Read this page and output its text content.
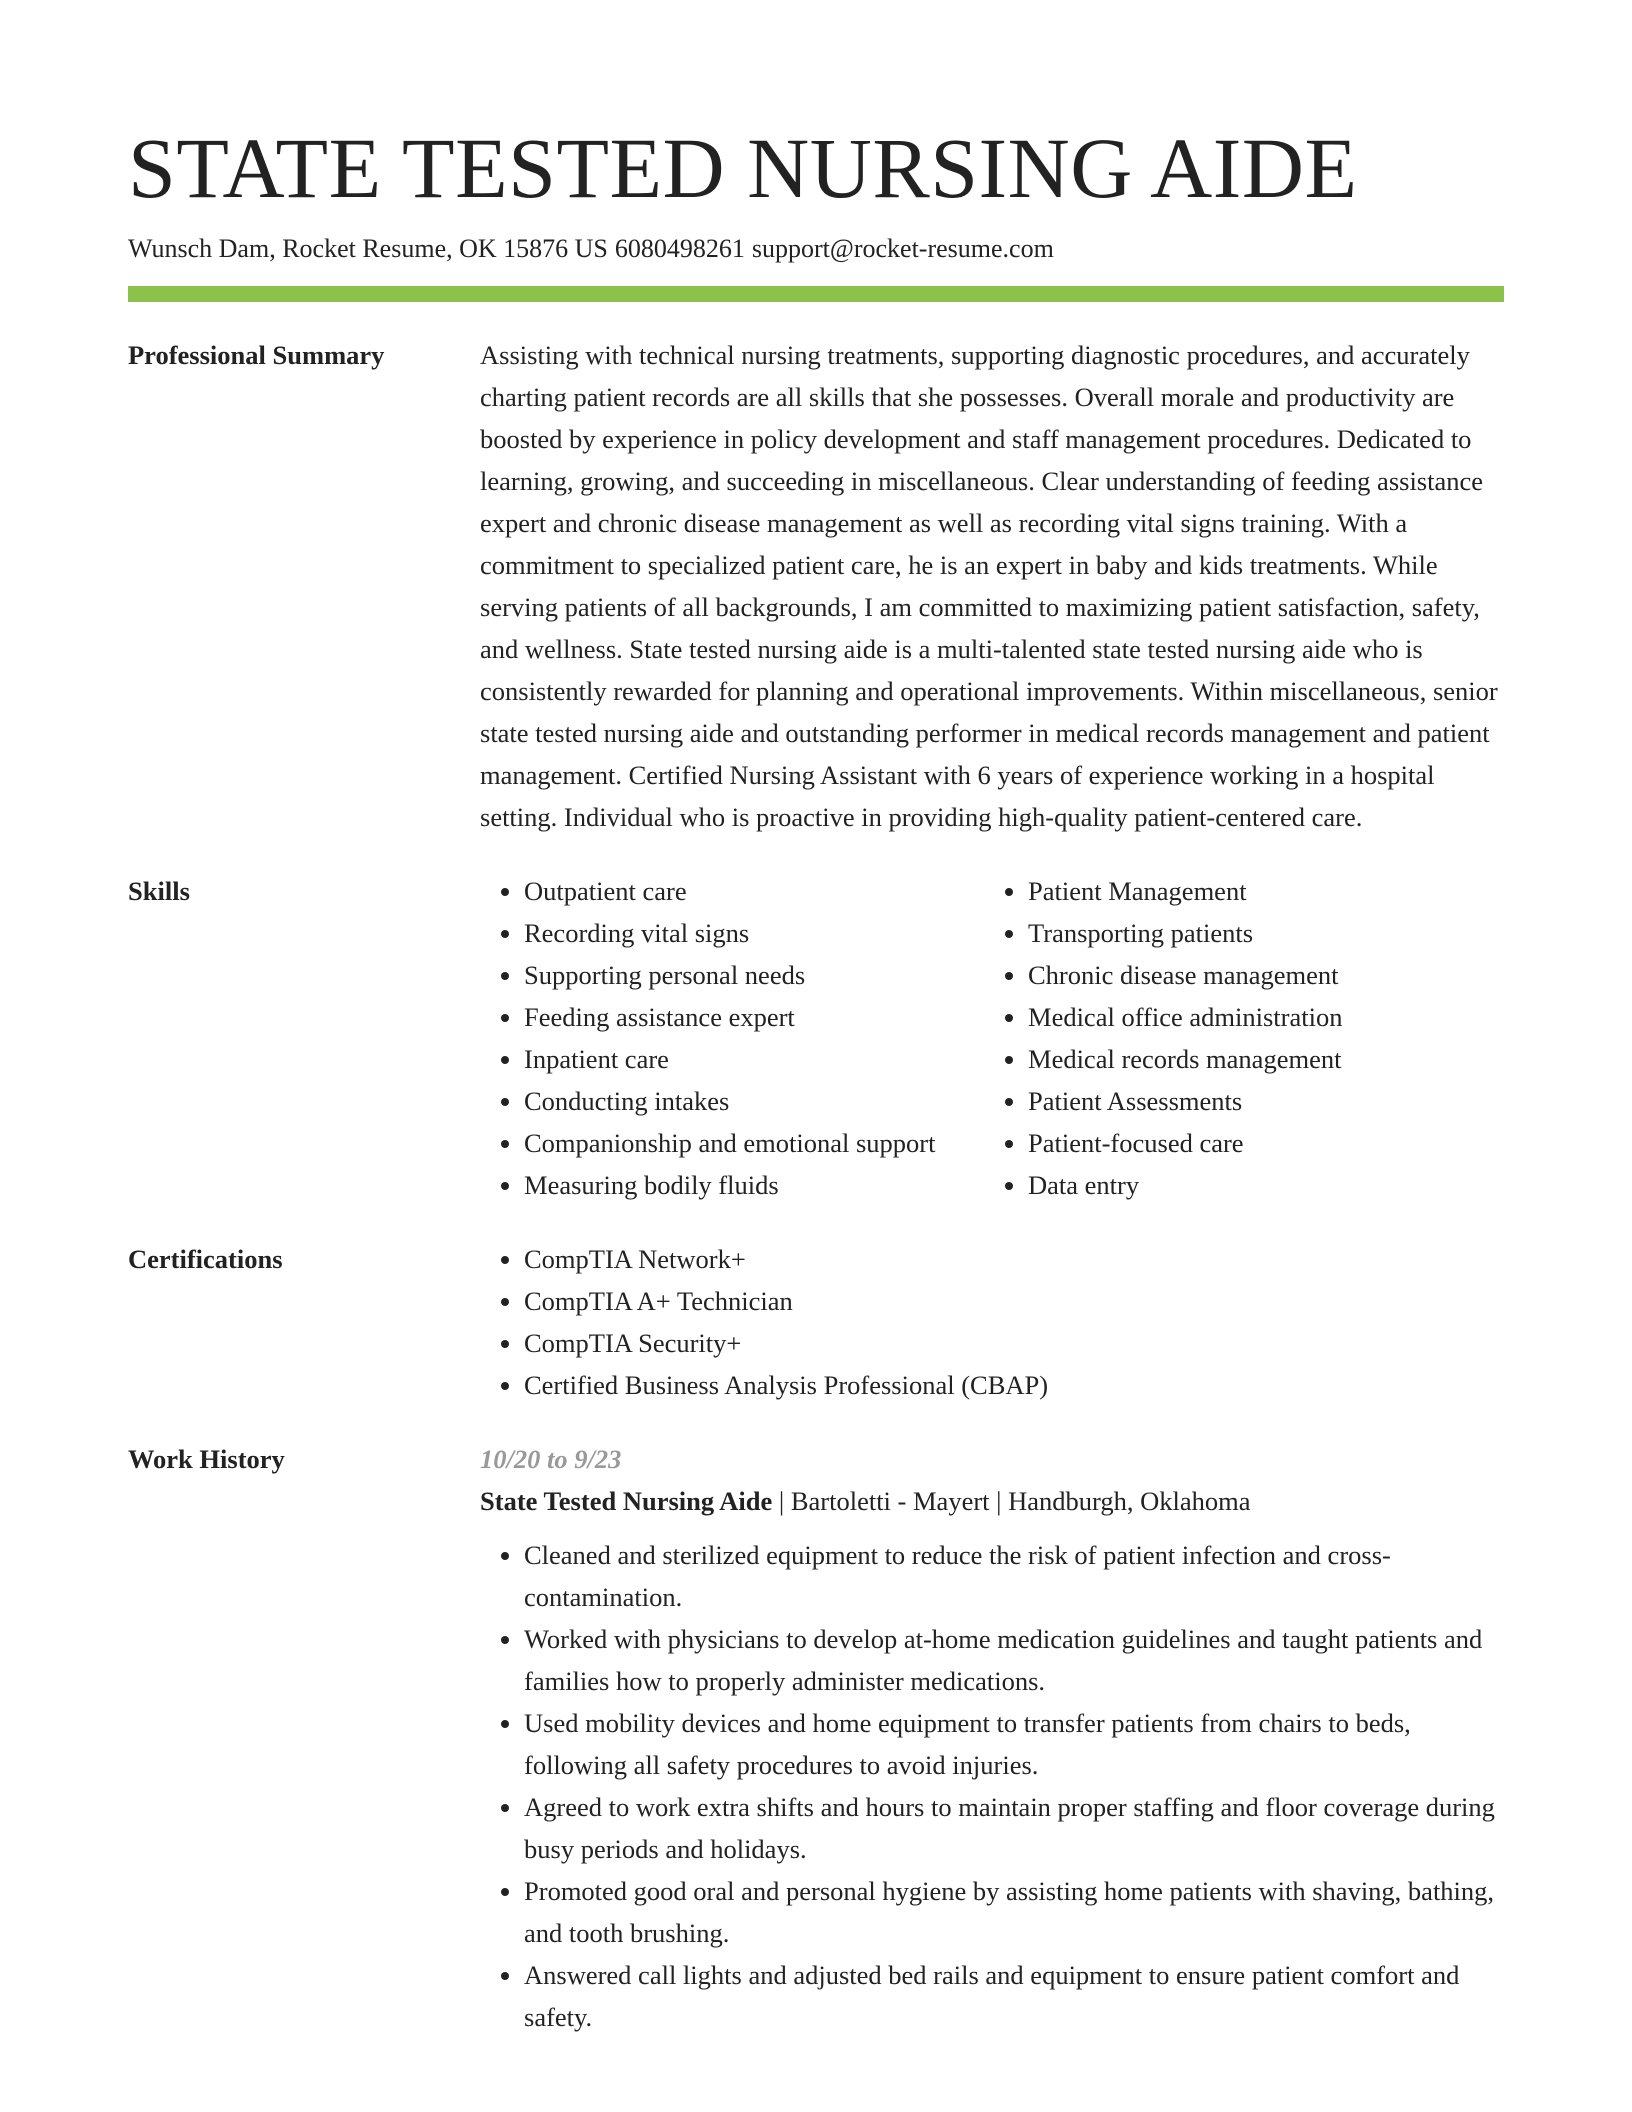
STATE TESTED NURSING AIDE
Wunsch Dam, Rocket Resume, OK 15876 US 6080498261 support@rocket-resume.com
Professional Summary	Assisting with technical nursing treatments, supporting diagnostic procedures, and accurately charting patient records are all skills that she possesses. Overall morale and productivity are boosted by experience in policy development and staff management procedures. Dedicated to learning, growing, and succeeding in miscellaneous. Clear understanding of feeding assistance expert and chronic disease management as well as recording vital signs training. With a commitment to specialized patient care, he is an expert in baby and kids treatments. While serving patients of all backgrounds, I am committed to maximizing patient satisfaction, safety, and wellness. State tested nursing aide is a multi-talented state tested nursing aide who is consistently rewarded for planning and operational improvements. Within miscellaneous, senior state tested nursing aide and outstanding performer in medical records management and patient management. Certified Nursing Assistant with 6 years of experience working in a hospital setting. Individual who is proactive in providing high-quality patient-centered care.

Skills	• Outpatient care
• Recording vital signs
• Supporting personal needs
• Feeding assistance expert
• Inpatient care
• Conducting intakes
• Companionship and emotional support
• Measuring bodily fluids
• Patient Management
• Transporting patients
• Chronic disease management
• Medical office administration
• Medical records management
• Patient Assessments
• Patient-focused care
• Data entry
Certifications	• CompTIA Network+
• CompTIA A+ Technician
• CompTIA Security+
• Certified Business Analysis Professional (CBAP)
Work History	10/20 to 9/23
State Tested Nursing Aide | Bartoletti - Mayert | Handburgh, Oklahoma
• Cleaned and sterilized equipment to reduce the risk of patient infection and cross-contamination.
• Worked with physicians to develop at-home medication guidelines and taught patients and families how to properly administer medications.
• Used mobility devices and home equipment to transfer patients from chairs to beds, following all safety procedures to avoid injuries.
• Agreed to work extra shifts and hours to maintain proper staffing and floor coverage during busy periods and holidays.
• Promoted good oral and personal hygiene by assisting home patients with shaving, bathing, and tooth brushing.
• Answered call lights and adjusted bed rails and equipment to ensure patient comfort and safety.
